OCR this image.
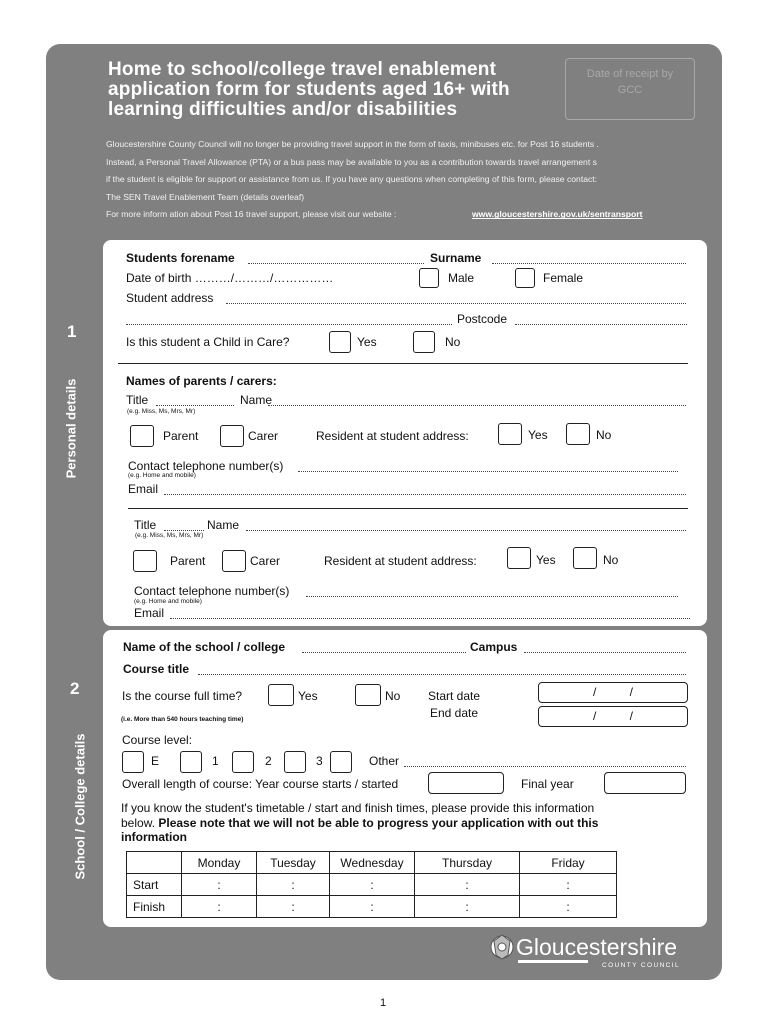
Home to school/college travel enablement
application form for students aged 16+ with
learning difficulties and/or disabilities
Date of receipt by
GCC

Gloucestershire County Council will no longer be providing travel support in the form of taxis, minibuses etc. for Post 16 students .

Instead, a Personal Travel Allowance (PTA) or a bus pass may be available to you as a contribution towards travel arrangement s

if the student is eligible for support or assistance from us. If you have any questions when completing of this form, please contact:

The SEN Travel Enablement Team (details overleaf)

For more inform ation about Post 16 travel support, please visit our website :	www.gloucestershire.gov.uk/sentransport

1
Personal details
2
School / College details
Students forename	Surname
Date of birth ………/………/……………	Male	Female
Student address
Postcode
Is this student a Child in Care?	Yes	No
Names of parents / carers:
Title	Name
(e.g. Miss, Ms, Mrs, Mr)
Parent	Carer	Resident at student address:	Yes	No
Contact telephone number(s)
(e.g. Home and mobile)
Email
Title	Name
(e.g. Miss, Ms, Mrs, Mr)
Parent	Carer	Resident at student address:	Yes	No
Contact telephone number(s)
(e.g. Home and mobile)
Email
Name of the school / college	Campus
Course title
Is the course full time?	Yes	No Start date	/          /
End date	/          /
(i.e. More than 540 hours teaching time)
Course level:
E	1	2	3	Other
Overall length of course: Year course starts / started	Final year
If you know the student's timetable / start and finish times, please provide this information
below. Please note that we will not be able to progress your application with out this
information
	Monday	Tuesday	Wednesday	Thursday	Friday
Start	:	:	:	:	:
Finish	:	:	:	:	:
Gloucestershire
COUNTY COUNCIL
1
